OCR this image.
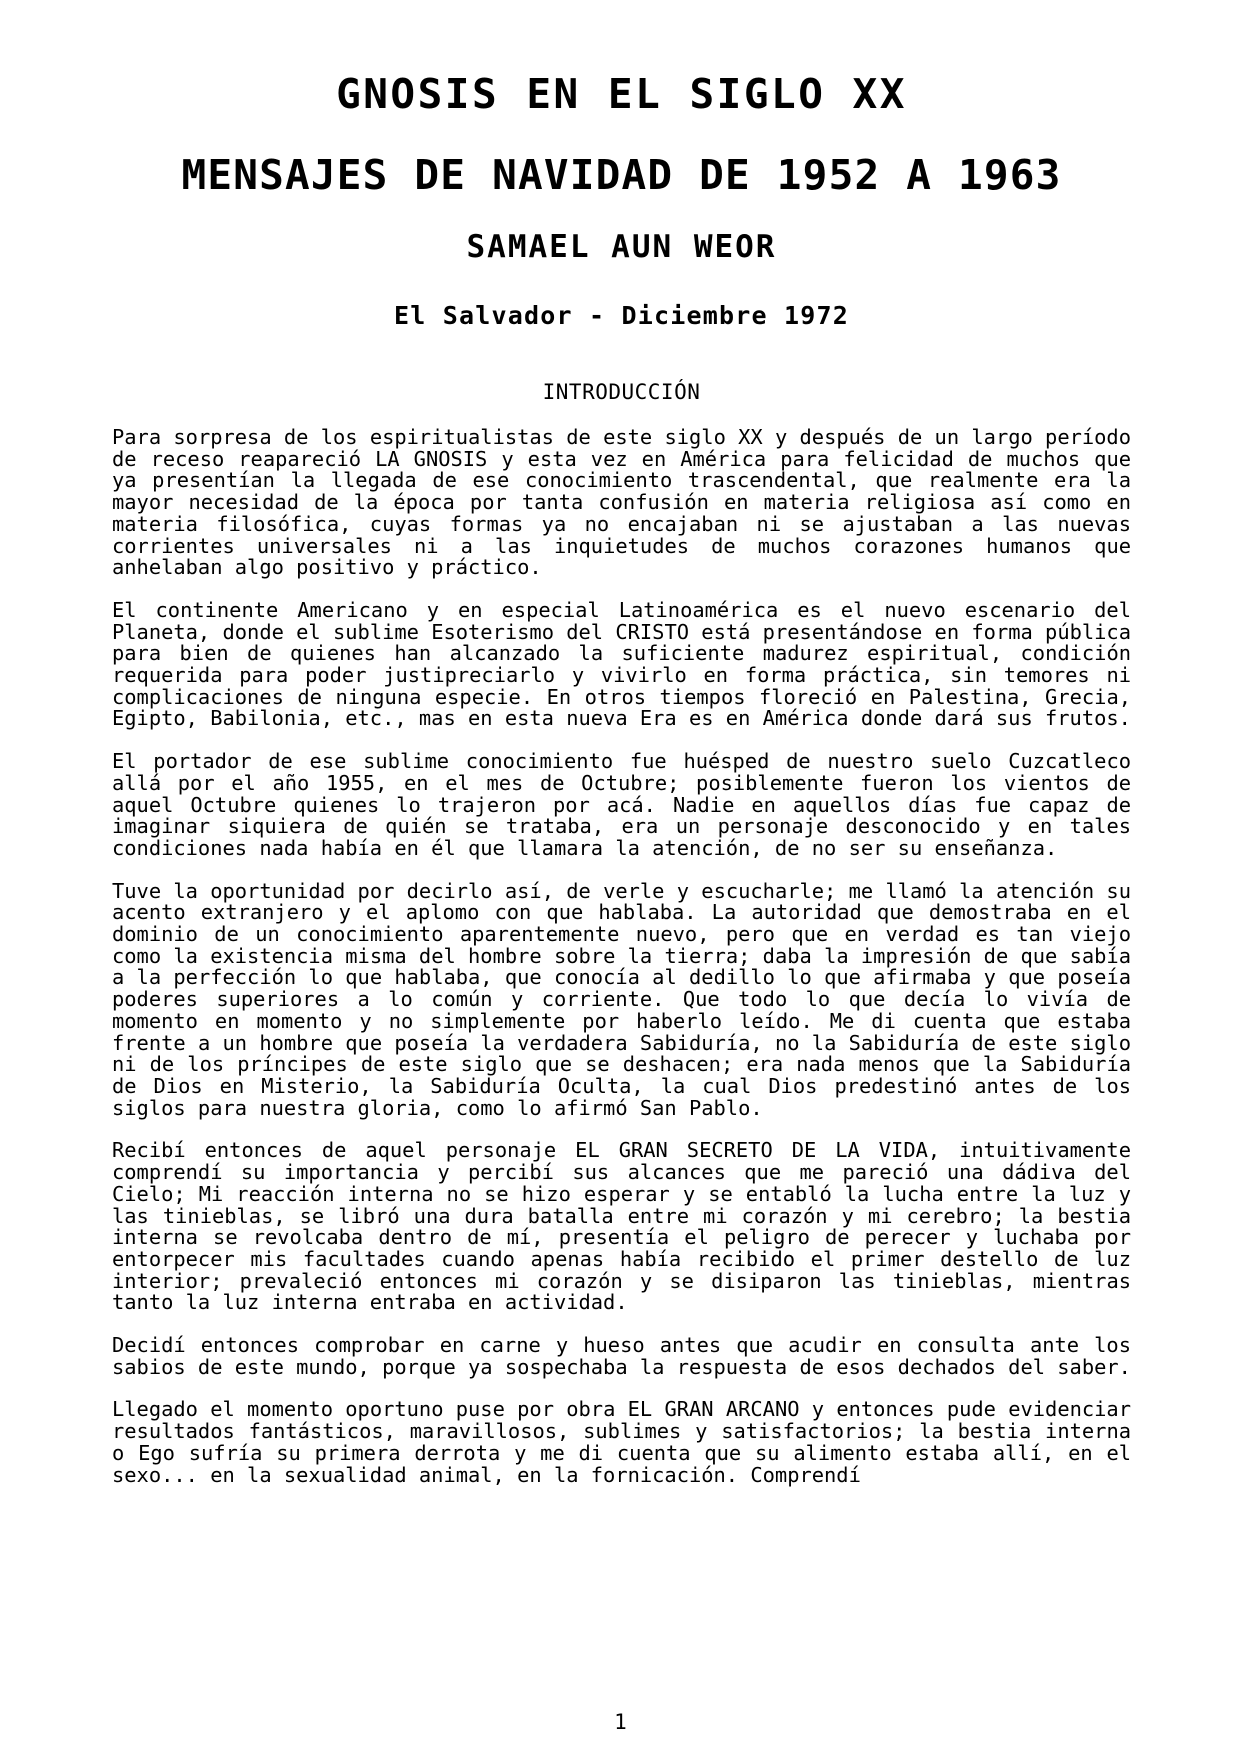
GNOSIS EN EL SIGLO XX
MENSAJES DE NAVIDAD DE 1952 A 1963
SAMAEL AUN WEOR
El Salvador - Diciembre 1972
INTRODUCCIÓN

Para sorpresa de los espiritualistas de este siglo XX y después de un largo período de receso reapareció LA GNOSIS y esta vez en América para felicidad de muchos que ya presentían la llegada de ese conocimiento trascendental, que realmente era la mayor necesidad de la época por tanta confusión en materia religiosa así como en materia filosófica, cuyas formas ya no encajaban ni se ajustaban a las nuevas corrientes universales ni a las inquietudes de muchos corazones humanos que anhelaban algo positivo y práctico.

El continente Americano y en especial Latinoamérica es el nuevo escenario del Planeta, donde el sublime Esoterismo del CRISTO está presentándose en forma pública para bien de quienes han alcanzado la suficiente madurez espiritual, condición requerida para poder justipreciarlo y vivirlo en forma práctica, sin temores ni complicaciones de ninguna especie. En otros tiempos floreció en Palestina, Grecia, Egipto, Babilonia, etc., mas en esta nueva Era es en América donde dará sus frutos.

El portador de ese sublime conocimiento fue huésped de nuestro suelo Cuzcatleco allá por el año 1955, en el mes de Octubre; posiblemente fueron los vientos de aquel Octubre quienes lo trajeron por acá. Nadie en aquellos días fue capaz de imaginar siquiera de quién se trataba, era un personaje desconocido y en tales condiciones nada había en él que llamara la atención, de no ser su enseñanza.

Tuve la oportunidad por decirlo así, de verle y escucharle; me llamó la atención su acento extranjero y el aplomo con que hablaba. La autoridad que demostraba en el dominio de un conocimiento aparentemente nuevo, pero que en verdad es tan viejo como la existencia misma del hombre sobre la tierra; daba la impresión de que sabía a la perfección lo que hablaba, que conocía al dedillo lo que afirmaba y que poseía poderes superiores a lo común y corriente. Que todo lo que decía lo vivía de momento en momento y no simplemente por haberlo leído. Me di cuenta que estaba frente a un hombre que poseía la verdadera Sabiduría, no la Sabiduría de este siglo ni de los príncipes de este siglo que se deshacen; era nada menos que la Sabiduría de Dios en Misterio, la Sabiduría Oculta, la cual Dios predestinó antes de los siglos para nuestra gloria, como lo afirmó San Pablo.

Recibí entonces de aquel personaje EL GRAN SECRETO DE LA VIDA, intuitivamente comprendí su importancia y percibí sus alcances que me pareció una dádiva del Cielo; Mi reacción interna no se hizo esperar y se entabló la lucha entre la luz y las tinieblas, se libró una dura batalla entre mi corazón y mi cerebro; la bestia interna se revolcaba dentro de mí, presentía el peligro de perecer y luchaba por entorpecer mis facultades cuando apenas había recibido el primer destello de luz interior; prevaleció entonces mi corazón y se disiparon las tinieblas, mientras tanto la luz interna entraba en actividad.

Decidí entonces comprobar en carne y hueso antes que acudir en consulta ante los sabios de este mundo, porque ya sospechaba la respuesta de esos dechados del saber.

Llegado el momento oportuno puse por obra EL GRAN ARCANO y entonces pude evidenciar resultados fantásticos, maravillosos, sublimes y satisfactorios; la bestia interna o Ego sufría su primera derrota y me di cuenta que su alimento estaba allí, en el sexo... en la sexualidad animal, en la fornicación. Comprendí

1
